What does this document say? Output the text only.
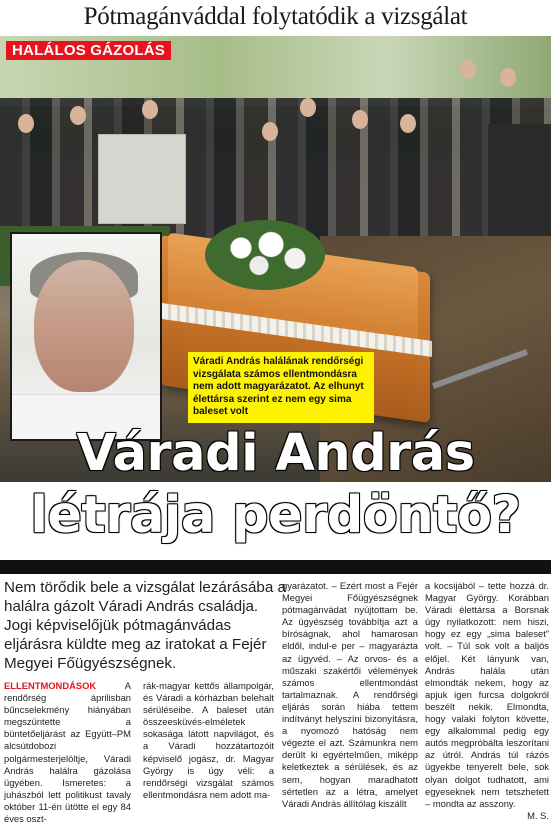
Pótmagánváddal folytatódik a vizsgálat
HALÁLOS GÁZOLÁS
Váradi András halálának rendőrségi vizsgálata számos ellentmondásra nem adott magyarázatot. Az elhunyt élettársa szerint ez nem egy sima baleset volt
Váradi András
létrája perdöntő?
Nem törődik bele a vizsgálat lezárásába a halálra gázolt Váradi András családja. Jogi képviselőjük pótmagánvádas eljárásra küldte meg az iratokat a Fejér Megyei Főügyészségnek.
ELLENTMONDÁSOK	A rendőrség áprilisban bűncselekmény hiányában megszüntette a büntetőeljárást az Együtt–PM alcsútdobozi polgármesterjelöltje, Váradi András halálra gázolása ügyében. Ismeretes: a juhászból lett politikust tavaly október 11-én ütötte el egy 84 éves oszt-
rák-magyar kettős állampolgár, és Váradi a kórházban belehalt sérüléseibe. A baleset után összeesküvés-elméletek sokasága látott napvilágot, és a Váradi hozzátartozóit képviselő jogász, dr. Magyar György is úgy véli: a rendőrségi vizsgálat számos ellentmondásra nem adott ma-
gyarázatot. – Ezért most a Fejér Megyei Főügyészségnek pótmagánvádat nyújtottam be. Az ügyészség továbbítja azt a bíróságnak, ahol hamarosan eldől, indul-e per – magyarázta az ügyvéd. – Az orvos- és a műszaki szakértői vélemények számos ellentmondást tartalmaznak. A rendőrségi eljárás során hiába tettem indítványt helyszíni bizonyításra, a nyomozó hatóság nem végezte el azt. Számunkra nem derült ki egyértelműen, miképp keletkeztek a sérülések, és az sem, hogyan maradhatott sértetlen az a létra, amelyet Váradi András állítólag kiszállt
a kocsijából – tette hozzá dr. Magyar György. Korábban Váradi élettársa a Borsnak úgy nyilatkozott: nem hiszi, hogy ez egy „sima baleset” volt. – Túl sok volt a baljós előjel. Két lányunk van, András halála után elmondták nekem, hogy az apjuk igen furcsa dolgokról beszélt nekik. Elmondta, hogy valaki folyton követte, egy alkalommal pedig egy autós megpróbálta leszorítani az útról. András túl rázós ügyekbe tenyerelt bele, sok olyan dolgot tudhatott, ami egyeseknek nem tetszhetett – mondta az asszony.
M. S.
